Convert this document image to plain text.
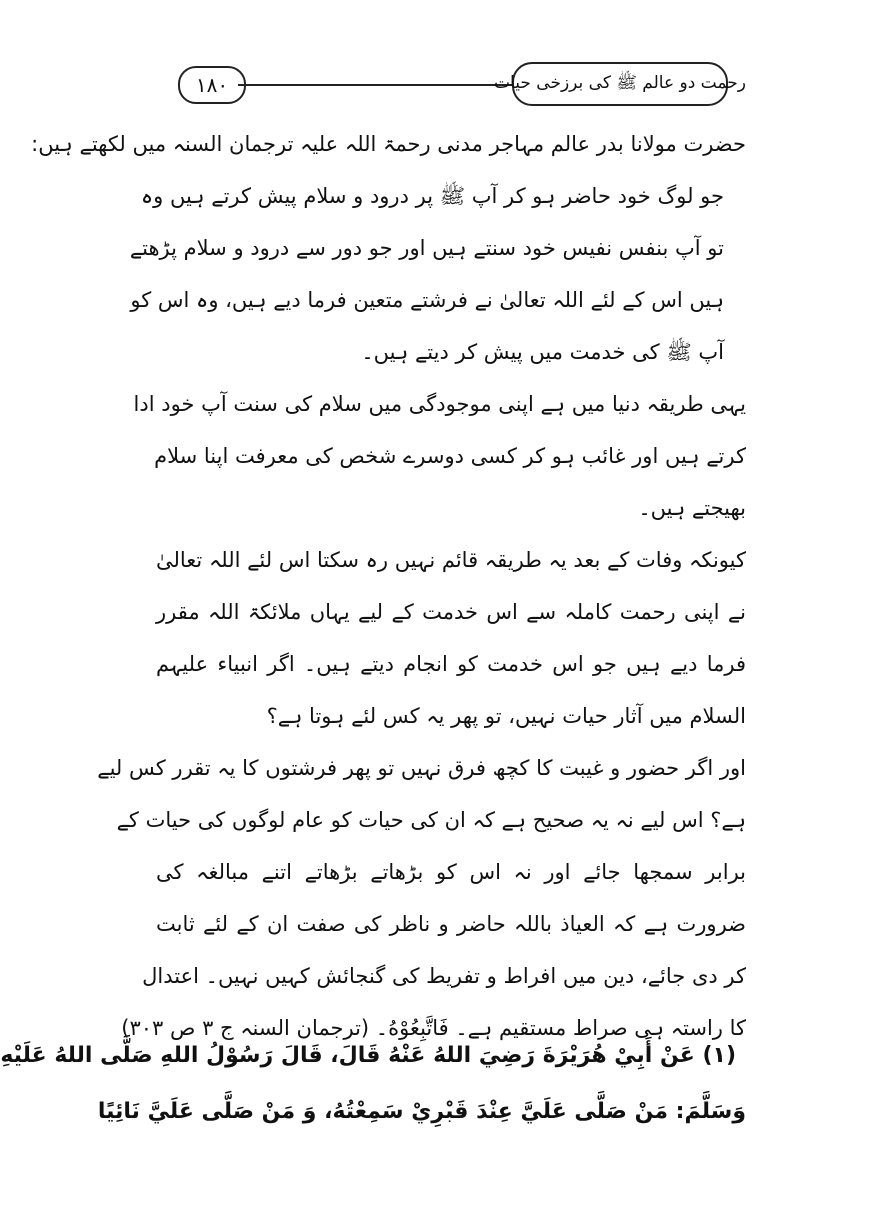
۱۸۰	رحمت دو عالم ﷺ کی برزخی حیات
حضرت مولانا بدر عالم مہاجر مدنی رحمۃ اللہ علیہ ترجمان السنہ میں لکھتے ہیں:
جو لوگ خود حاضر ہو کر آپ ﷺ پر درود و سلام پیش کرتے ہیں وہ
تو آپ بنفس نفیس خود سنتے ہیں اور جو دور سے درود و سلام پڑھتے
ہیں اس کے لئے اللہ تعالیٰ نے فرشتے متعین فرما دیے ہیں، وہ اس کو
آپ ﷺ کی خدمت میں پیش کر دیتے ہیں۔
یہی طریقہ دنیا میں ہے اپنی موجودگی میں سلام کی سنت آپ خود ادا
کرتے ہیں اور غائب ہو کر کسی دوسرے شخص کی معرفت اپنا سلام
بھیجتے ہیں۔
کیونکہ وفات کے بعد یہ طریقہ قائم نہیں رہ سکتا اس لئے اللہ تعالیٰ
نے اپنی رحمت کاملہ سے اس خدمت کے لیے یہاں ملائکۃ اللہ مقرر
فرما دیے ہیں جو اس خدمت کو انجام دیتے ہیں۔ اگر انبیاء علیہم
السلام میں آثار حیات نہیں، تو پھر یہ کس لئے ہوتا ہے؟
اور اگر حضور و غیبت کا کچھ فرق نہیں تو پھر فرشتوں کا یہ تقرر کس لیے
ہے؟ اس لیے نہ یہ صحیح ہے کہ ان کی حیات کو عام لوگوں کی حیات کے
برابر سمجھا جائے اور نہ اس کو بڑھاتے بڑھاتے اتنے مبالغہ کی
ضرورت ہے کہ العیاذ باللہ حاضر و ناظر کی صفت ان کے لئے ثابت
کر دی جائے، دین میں افراط و تفریط کی گنجائش کہیں نہیں۔ اعتدال
کا راستہ ہی صراط مستقیم ہے۔ فَاتَّبِعُوْهُ۔ (ترجمان السنہ ج ۳ ص ۳۰۳)
(۱) عَنْ أَبِيْ هُرَيْرَةَ رَضِيَ اللهُ عَنْهُ قَالَ، قَالَ رَسُوْلُ اللهِ صَلَّى اللهُ عَلَيْهِ
وَسَلَّمَ: مَنْ صَلَّى عَلَيَّ عِنْدَ قَبْرِيْ سَمِعْتُهُ، وَ مَنْ صَلَّى عَلَيَّ نَائِيًا
